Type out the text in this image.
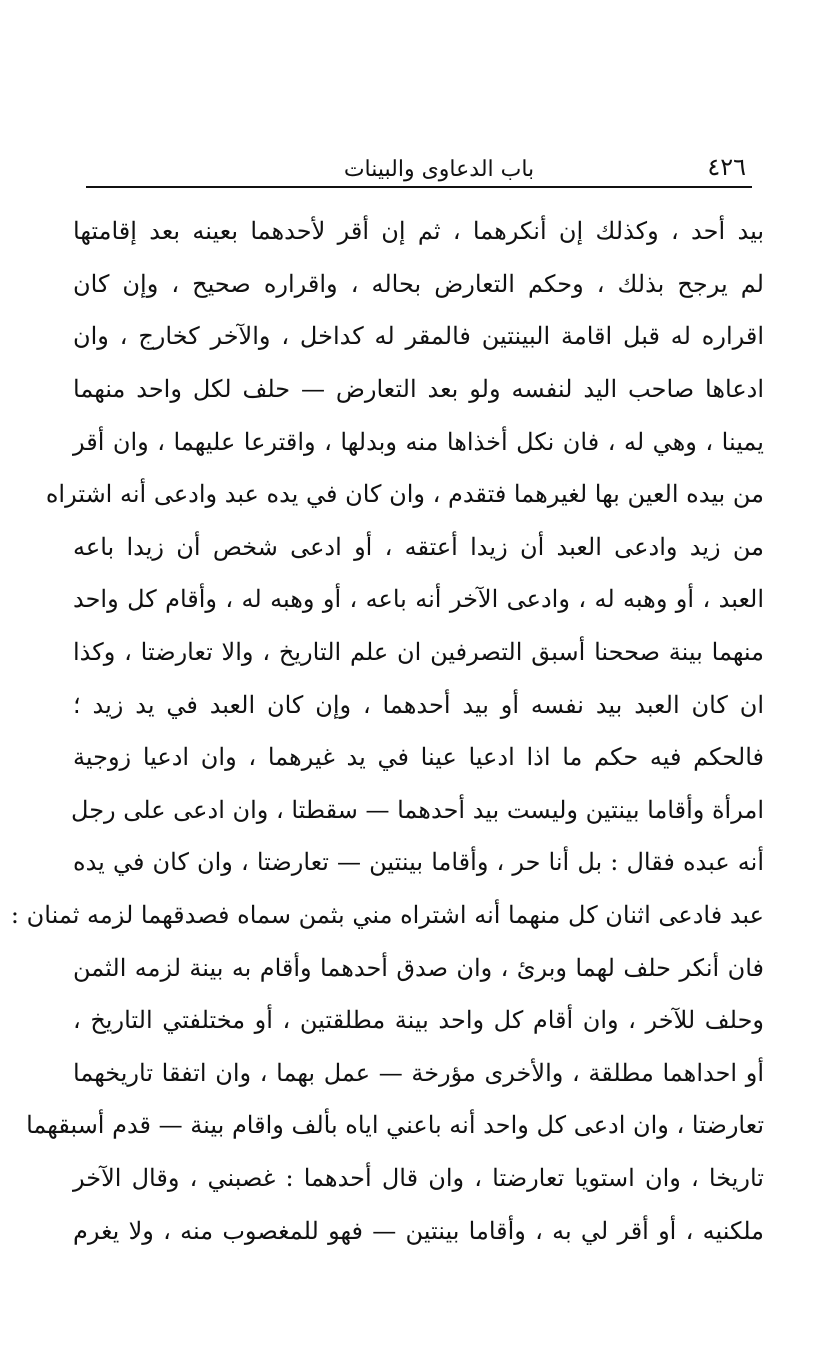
٤٢٦
باب الدعاوى والبينات
بيد أحد ، وكذلك إن أنكرهما ، ثم إن أقر لأحدهما بعينه بعد إقامتها
لم يرجح بذلك ، وحكم التعارض بحاله ، واقراره صحيح ، وإن كان
اقراره له قبل اقامة البينتين فالمقر له كداخل ، والآخر كخارج ، وان
ادعاها صاحب اليد لنفسه ولو بعد التعارض — حلف لكل واحد منهما
يمينا ، وهي له ، فان نكل أخذاها منه وبدلها ، واقترعا عليهما ، وان أقر
من بيده العين بها لغيرهما فتقدم ، وان كان في يده عبد وادعى أنه اشتراه
من زيد وادعى العبد أن زيدا أعتقه ، أو ادعى شخص أن زيدا باعه
العبد ، أو وهبه له ، وادعى الآخر أنه باعه ، أو وهبه له ، وأقام كل واحد
منهما بينة صححنا أسبق التصرفين ان علم التاريخ ، والا تعارضتا ، وكذا
ان كان العبد بيد نفسه أو بيد أحدهما ، وإن كان العبد في يد زيد ؛
فالحكم فيه حكم ما اذا ادعيا عينا في يد غيرهما ، وان ادعيا زوجية
امرأة وأقاما بينتين وليست بيد أحدهما — سقطتا ، وان ادعى على رجل
أنه عبده فقال : بل أنا حر ، وأقاما بينتين — تعارضتا ، وان كان في يده
عبد فادعى اثنان كل منهما أنه اشتراه مني بثمن سماه فصدقهما لزمه ثمنان :
فان أنكر حلف لهما وبرئ ، وان صدق أحدهما وأقام به بينة لزمه الثمن
وحلف للآخر ، وان أقام كل واحد بينة مطلقتين ، أو مختلفتي التاريخ ،
أو احداهما مطلقة ، والأخرى مؤرخة — عمل بهما ، وان اتفقا تاريخهما
تعارضتا ، وان ادعى كل واحد أنه باعني اياه بألف واقام بينة — قدم أسبقهما
تاريخا ، وان استويا تعارضتا ، وان قال أحدهما : غصبني ، وقال الآخر
ملكنيه ، أو أقر لي به ، وأقاما بينتين — فهو للمغصوب منه ، ولا يغرم
